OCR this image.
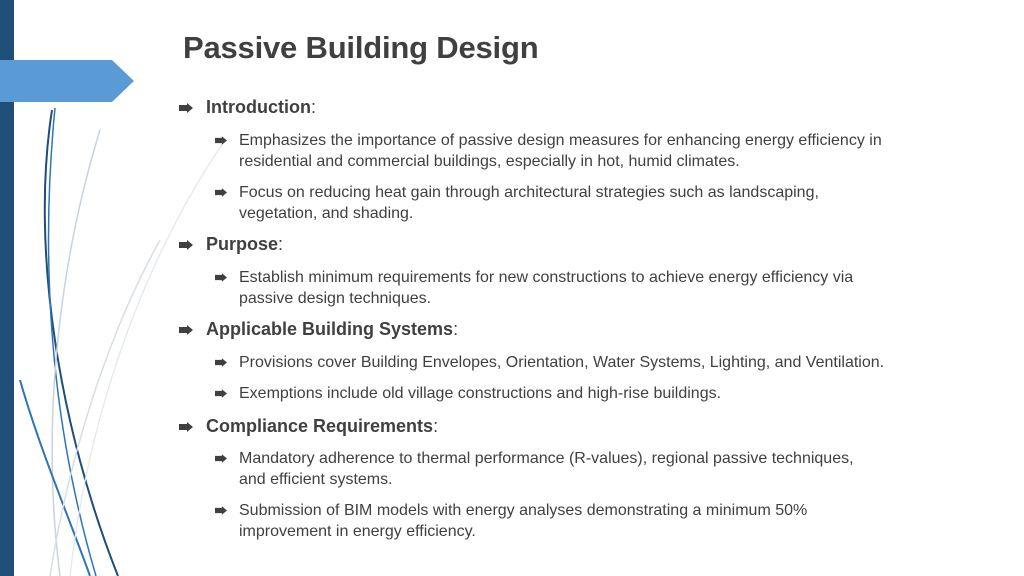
Passive Building Design
Introduction:
Emphasizes the importance of passive design measures for enhancing energy efficiency in
residential and commercial buildings, especially in hot, humid climates.
Focus on reducing heat gain through architectural strategies such as landscaping,
vegetation, and shading.
Purpose:
Establish minimum requirements for new constructions to achieve energy efficiency via
passive design techniques.
Applicable Building Systems:
Provisions cover Building Envelopes, Orientation, Water Systems, Lighting, and Ventilation.
Exemptions include old village constructions and high-rise buildings.
Compliance Requirements:
Mandatory adherence to thermal performance (R-values), regional passive techniques,
and efficient systems.
Submission of BIM models with energy analyses demonstrating a minimum 50%
improvement in energy efficiency.
